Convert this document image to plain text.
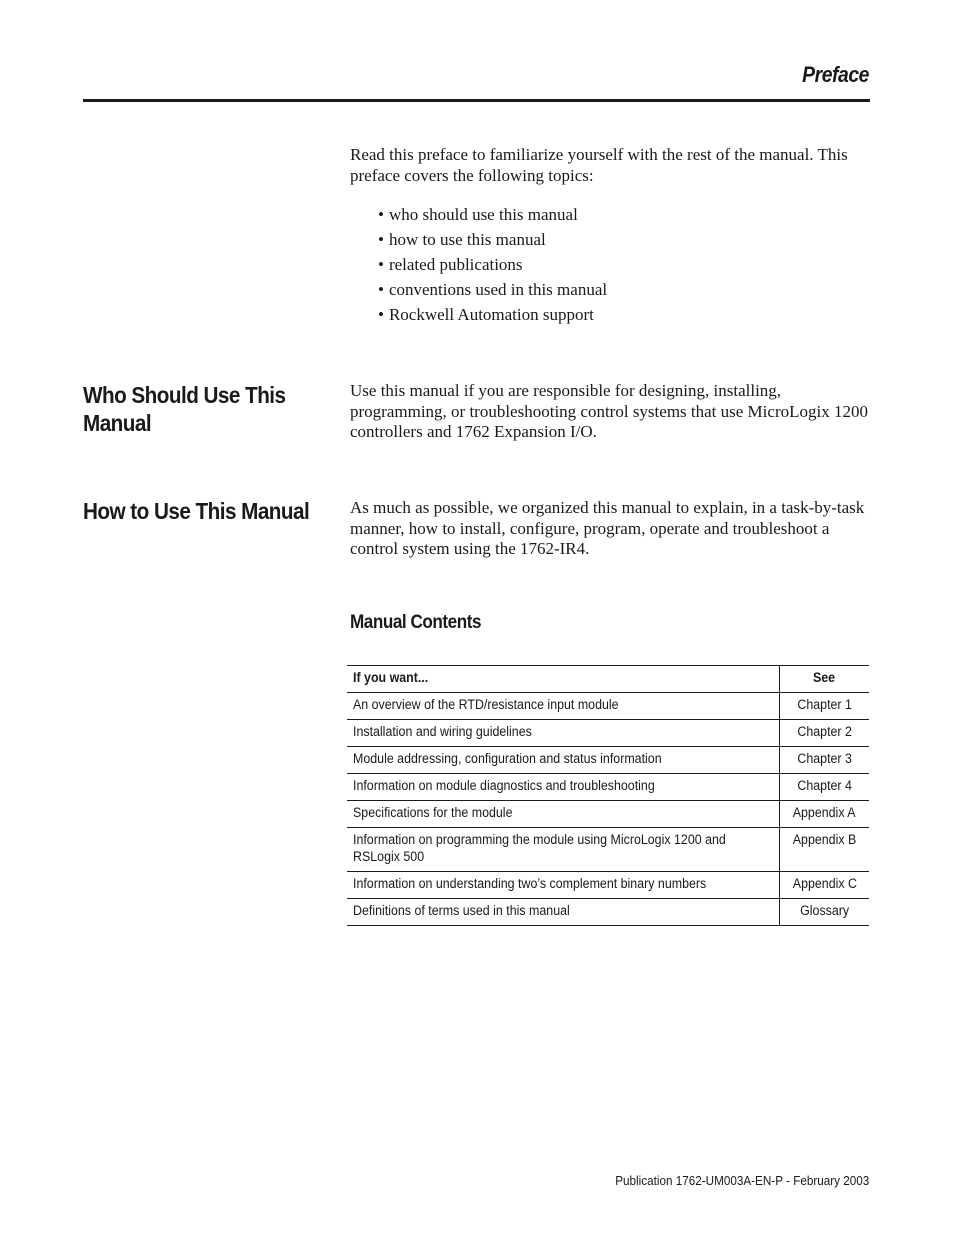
Preface

Read this preface to familiarize yourself with the rest of the manual. This preface covers the following topics:

• who should use this manual
• how to use this manual
• related publications
• conventions used in this manual
• Rockwell Automation support
Who Should Use This Manual

Use this manual if you are responsible for designing, installing, programming, or troubleshooting control systems that use MicroLogix 1200 controllers and 1762 Expansion I/O.

How to Use This Manual	As much as possible, we organized this manual to explain, in a task-by-task manner, how to install, configure, program, operate and troubleshoot a control system using the 1762-IR4.

Manual Contents
If you want...	See
An overview of the RTD/resistance input module	Chapter 1
Installation and wiring guidelines	Chapter 2
Module addressing, configuration and status information	Chapter 3
Information on module diagnostics and troubleshooting	Chapter 4
Specifications for the module	Appendix A

Information on programming the module using MicroLogix 1200 and RSLogix 500	Appendix B
Information on understanding two’s complement binary numbers	Appendix C
Definitions of terms used in this manual	Glossary
Publication 1762-UM003A-EN-P - February 2003
